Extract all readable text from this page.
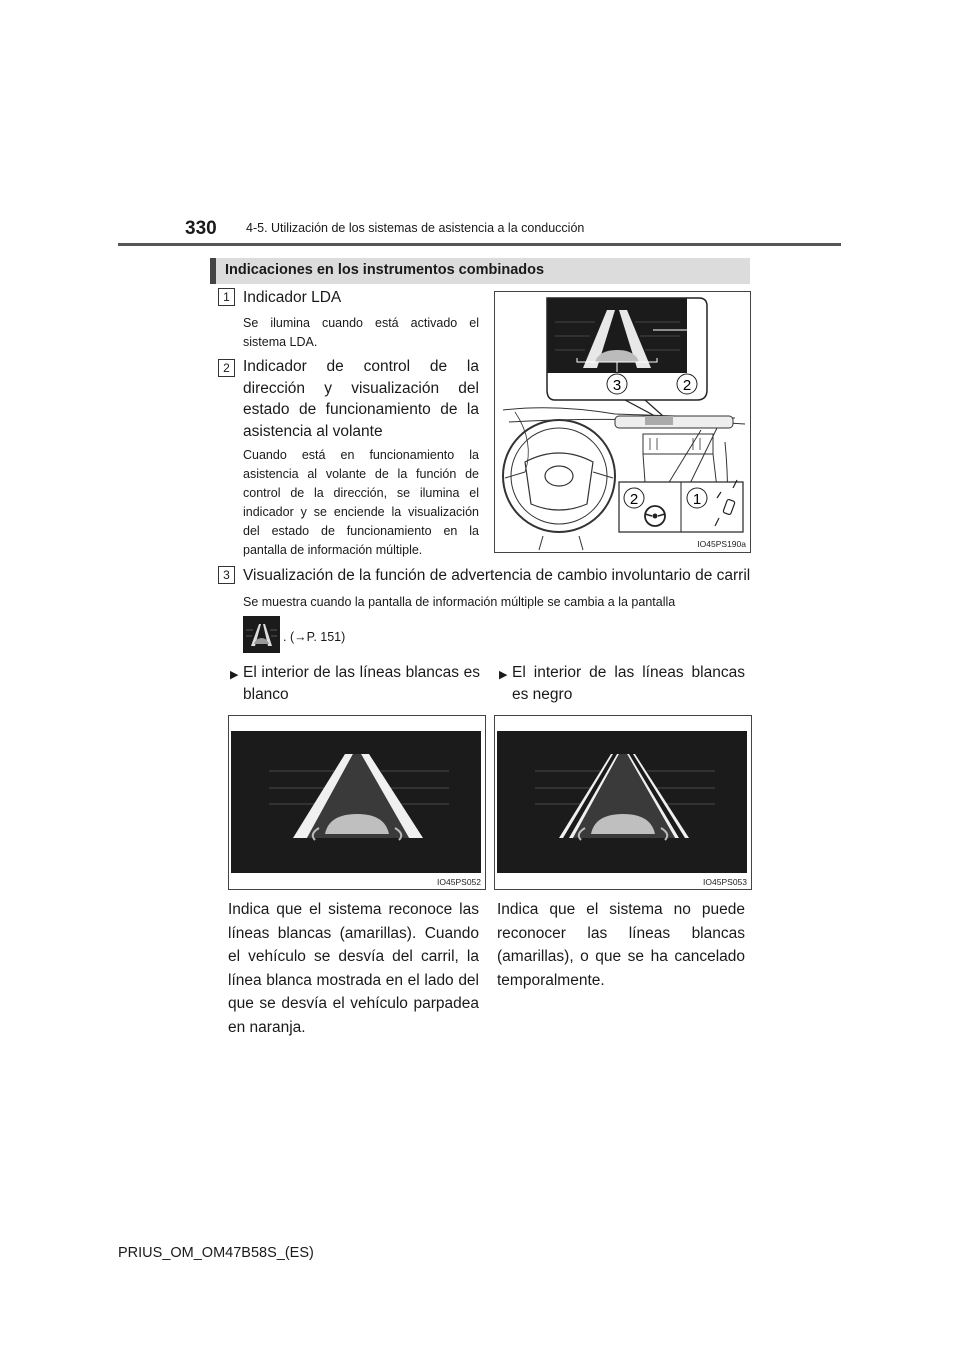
330 4-5. Utilización de los sistemas de asistencia a la conducción
Indicaciones en los instrumentos combinados
1 Indicador LDA
Se ilumina cuando está activado el sistema LDA.
2 Indicador de control de la dirección y visualización del estado de funcionamiento de la asistencia al volante
Cuando está en funcionamiento la asistencia al volante de la función de control de la dirección, se ilumina el indicador y se enciende la visualización del estado de funcionamiento en la pantalla de información múltiple.
3	2
2	1
IO45PS190a
3 Visualización de la función de advertencia de cambio involuntario de carril
Se muestra cuando la pantalla de información múltiple se cambia a la pantalla
. (→P. 151)
▶ El interior de las líneas blancas es blanco
IO45PS052
Indica que el sistema reconoce las líneas blancas (amarillas). Cuando el vehículo se desvía del carril, la línea blanca mostrada en el lado del que se desvía el vehículo parpadea en naranja.
▶ El interior de las líneas blancas es negro
IO45PS053
Indica que el sistema no puede reconocer las líneas blancas (amarillas), o que se ha cancelado temporalmente.
PRIUS_OM_OM47B58S_(ES)
